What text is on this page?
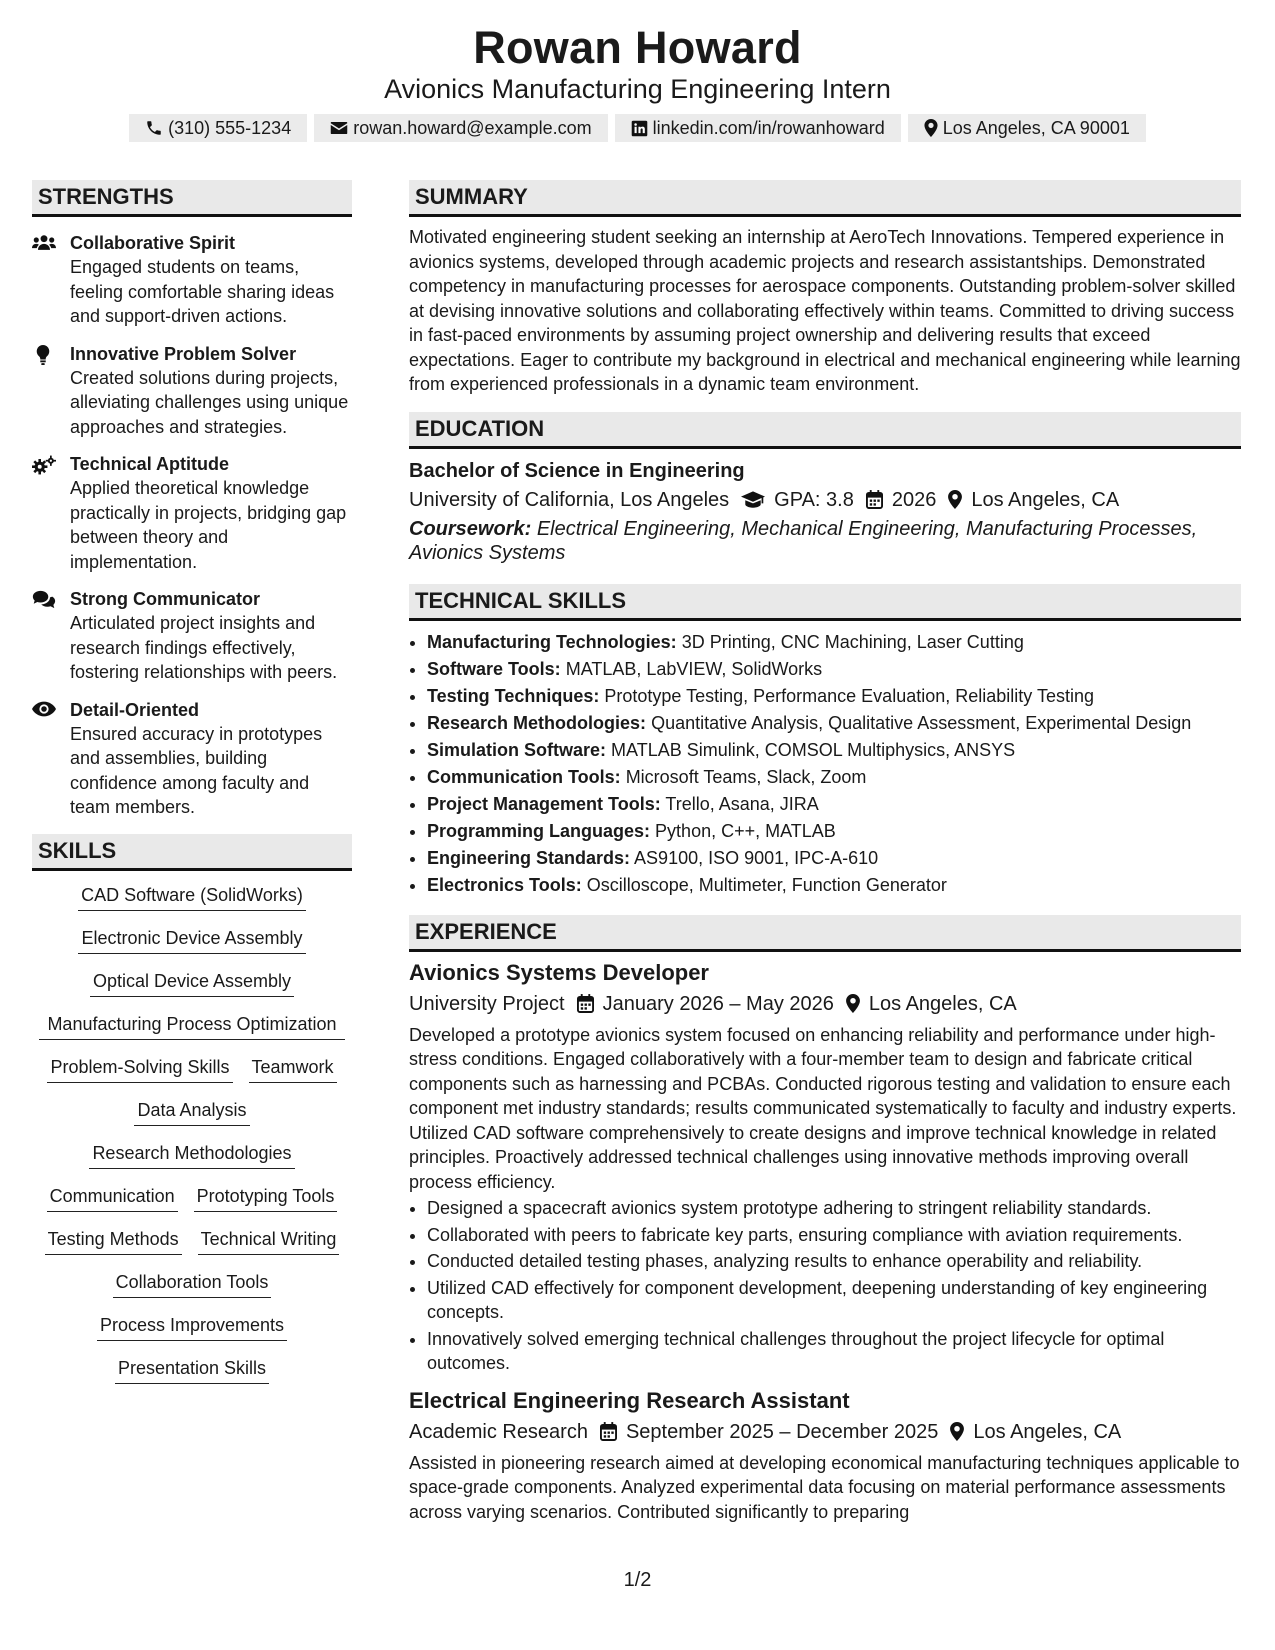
Rowan Howard
Avionics Manufacturing Engineering Intern
(310) 555-1234	rowan.howard@example.com	linkedin.com/in/rowanhoward	Los Angeles, CA 90001
STRENGTHS
Collaborative Spirit
Engaged students on teams, feeling comfortable sharing ideas and support-driven actions.
Innovative Problem Solver
Created solutions during projects, alleviating challenges using unique approaches and strategies.
Technical Aptitude
Applied theoretical knowledge practically in projects, bridging gap between theory and implementation.
Strong Communicator
Articulated project insights and research findings effectively, fostering relationships with peers.
Detail-Oriented
Ensured accuracy in prototypes and assemblies, building confidence among faculty and team members.
SKILLS
CAD Software (SolidWorks)
Electronic Device Assembly
Optical Device Assembly
Manufacturing Process Optimization
Problem-Solving Skills Teamwork
Data Analysis
Research Methodologies
Communication Prototyping Tools
Testing Methods Technical Writing
Collaboration Tools
Process Improvements
Presentation Skills
SUMMARY
Motivated engineering student seeking an internship at AeroTech Innovations. Tempered experience in avionics systems, developed through academic projects and research assistantships. Demonstrated competency in manufacturing processes for aerospace components. Outstanding problem-solver skilled at devising innovative solutions and collaborating effectively within teams. Committed to driving success in fast-paced environments by assuming project ownership and delivering results that exceed expectations. Eager to contribute my background in electrical and mechanical engineering while learning from experienced professionals in a dynamic team environment.
EDUCATION
Bachelor of Science in Engineering
University of California, Los Angeles GPA: 3.8 2026 Los Angeles, CA
Coursework: Electrical Engineering, Mechanical Engineering, Manufacturing Processes, Avionics Systems
TECHNICAL SKILLS
• Manufacturing Technologies: 3D Printing, CNC Machining, Laser Cutting
• Software Tools: MATLAB, LabVIEW, SolidWorks
• Testing Techniques: Prototype Testing, Performance Evaluation, Reliability Testing
• Research Methodologies: Quantitative Analysis, Qualitative Assessment, Experimental Design
• Simulation Software: MATLAB Simulink, COMSOL Multiphysics, ANSYS
• Communication Tools: Microsoft Teams, Slack, Zoom
• Project Management Tools: Trello, Asana, JIRA
• Programming Languages: Python, C++, MATLAB
• Engineering Standards: AS9100, ISO 9001, IPC-A-610
• Electronics Tools: Oscilloscope, Multimeter, Function Generator
EXPERIENCE
Avionics Systems Developer
University Project January 2026 – May 2026 Los Angeles, CA
Developed a prototype avionics system focused on enhancing reliability and performance under high-stress conditions. Engaged collaboratively with a four-member team to design and fabricate critical components such as harnessing and PCBAs. Conducted rigorous testing and validation to ensure each component met industry standards; results communicated systematically to faculty and industry experts. Utilized CAD software comprehensively to create designs and improve technical knowledge in related principles. Proactively addressed technical challenges using innovative methods improving overall process efficiency.
• Designed a spacecraft avionics system prototype adhering to stringent reliability standards.
• Collaborated with peers to fabricate key parts, ensuring compliance with aviation requirements.
• Conducted detailed testing phases, analyzing results to enhance operability and reliability.
• Utilized CAD effectively for component development, deepening understanding of key engineering concepts.
• Innovatively solved emerging technical challenges throughout the project lifecycle for optimal outcomes.
Electrical Engineering Research Assistant
Academic Research September 2025 – December 2025 Los Angeles, CA
Assisted in pioneering research aimed at developing economical manufacturing techniques applicable to space-grade components. Analyzed experimental data focusing on material performance assessments across varying scenarios. Contributed significantly to preparing
1/2
